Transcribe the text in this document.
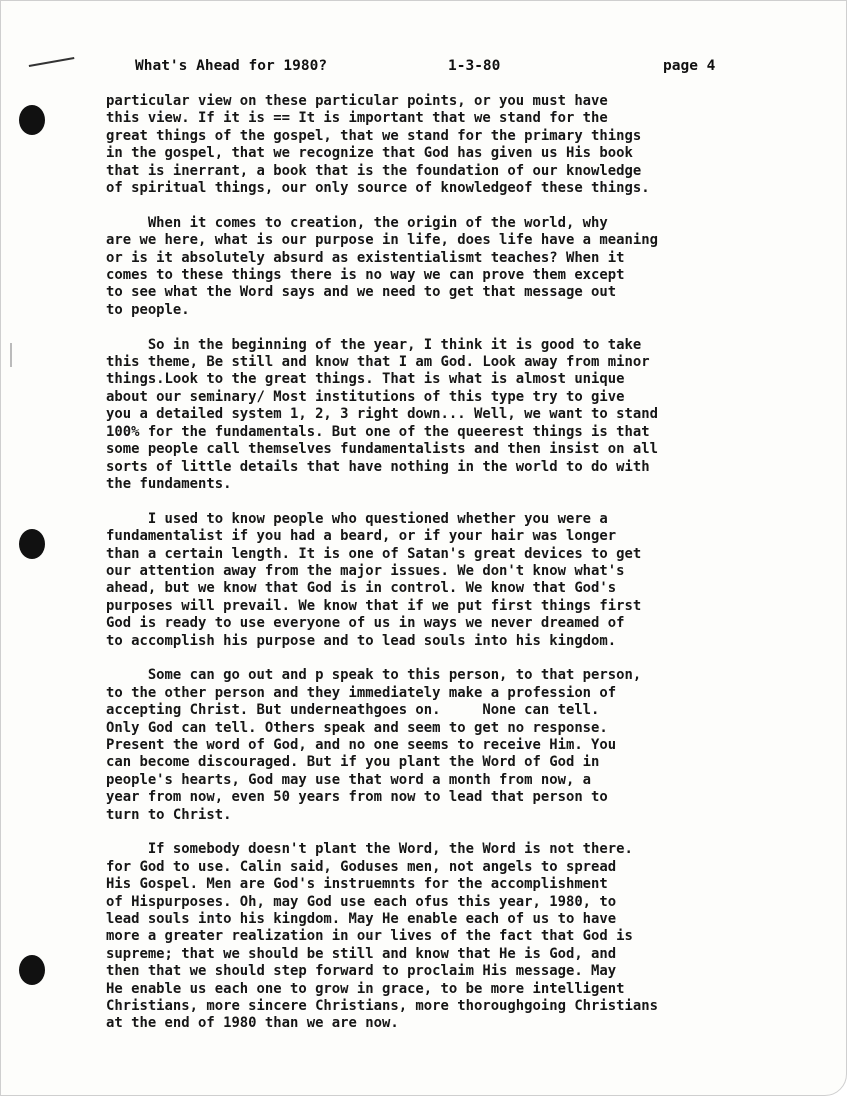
What's Ahead for 1980?	1-3-80	page 4
particular view on these particular points, or you must have
this view. If it is == It is important that we stand for the
great things of the gospel, that we stand for the primary things
in the gospel, that we recognize that God has given us His book
that is inerrant, a book that is the foundation of our knowledge
of spiritual things, our only source of knowledgeof these things.
When it comes to creation, the origin of the world, why
are we here, what is our purpose in life, does life have a meaning
or is it absolutely absurd as existentialismt teaches? When it
comes to these things there is no way we can prove them except
to see what the Word says and we need to get that message out
to people.
So in the beginning of the year, I think it is good to take
this theme, Be still and know that I am God. Look away from minor
things.Look to the great things. That is what is almost unique
about our seminary/ Most institutions of this type try to give
you a detailed system 1, 2, 3 right down... Well, we want to stand
100% for the fundamentals. But one of the queerest things is that
some people call themselves fundamentalists and then insist on all
sorts of little details that have nothing in the world to do with
the fundaments.
I used to know people who questioned whether you were a
fundamentalist if you had a beard, or if your hair was longer
than a certain length. It is one of Satan's great devices to get
our attention away from the major issues. We don't know what's
ahead, but we know that God is in control. We know that God's
purposes will prevail. We know that if we put first things first
God is ready to use everyone of us in ways we never dreamed of
to accomplish his purpose and to lead souls into his kingdom.
Some can go out and p speak to this person, to that person,
to the other person and they immediately make a profession of
accepting Christ. But underneathgoes on.     None can tell.
Only God can tell. Others speak and seem to get no response.
Present the word of God, and no one seems to receive Him. You
can become discouraged. But if you plant the Word of God in
people's hearts, God may use that word a month from now, a
year from now, even 50 years from now to lead that person to
turn to Christ.
If somebody doesn't plant the Word, the Word is not there.
for God to use. Calin said, Goduses men, not angels to spread
His Gospel. Men are God's instruemnts for the accomplishment
of Hispurposes. Oh, may God use each ofus this year, 1980, to
lead souls into his kingdom. May He enable each of us to have
more a greater realization in our lives of the fact that God is
supreme; that we should be still and know that He is God, and
then that we should step forward to proclaim His message. May
He enable us each one to grow in grace, to be more intelligent
Christians, more sincere Christians, more thoroughgoing Christians
at the end of 1980 than we are now.
